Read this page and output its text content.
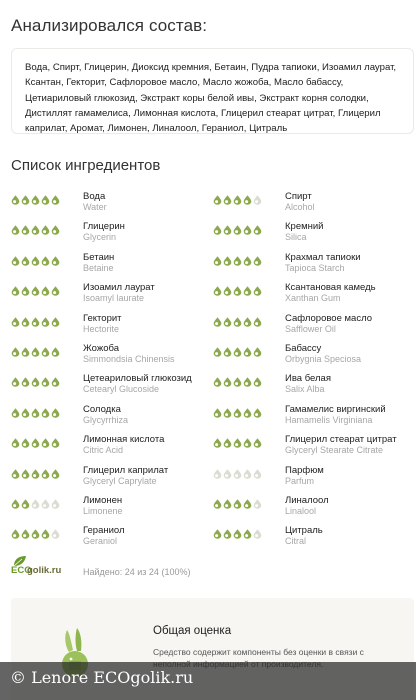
Анализировался состав:
Вода, Спирт, Глицерин, Диоксид кремния, Бетаин, Пудра тапиоки, Изоамил лаурат, Ксантан, Гекторит, Сафлоровое масло, Масло жожоба, Масло бабассу, Цетиариловый глюкозид, Экстракт коры белой ивы, Экстракт корня солодки, Дистиллят гамамелиса, Лимонная кислота, Глицерил стеарат цитрат, Глицерил каприлат, Аромат, Лимонен, Линалоол, Гераниол, Цитраль
Список ингредиентов
Вода
Water
Глицерин
Glycerin
Бетаин
Betaine
Изоамил лаурат
Isoamyl laurate
Гекторит
Hectorite
Жожоба
Simmondsia Chinensis
Цетеариловый глюкозид
Cetearyl Glucoside
Солодка
Glycyrrhiza
Лимонная кислота
Citric Acid
Глицерил каприлат
Glyceryl Caprylate
Лимонен
Limonene
Гераниол
Geraniol
Спирт
Alcohol
Кремний
Silica
Крахмал тапиоки
Tapioca Starch
Ксантановая камедь
Xanthan Gum
Сафлоровое масло
Safflower Oil
Бабассу
Orbygnia Speciosa
Ива белая
Salix Alba
Гамамелис виргинский
Hamamelis Virginiana
Глицерил стеарат цитрат
Glyceryl Stearate Citrate
Парфюм
Parfum
Линалоол
Linalool
Цитраль
Citral
ECO
golik.ru Найдено: 24 из 24 (100%)
Общая оценка
Средство содержит компоненты без оценки в связи с
© Lenore ECOgolik.ru
